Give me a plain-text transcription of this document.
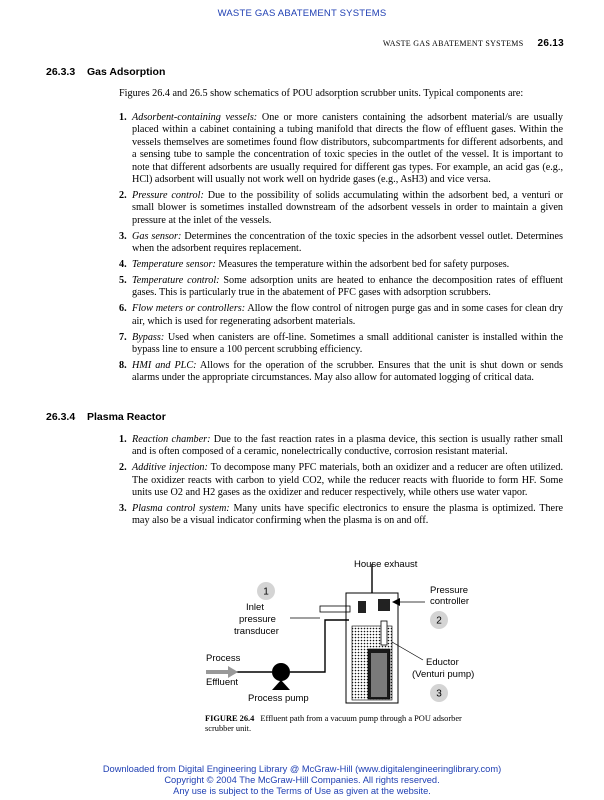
WASTE GAS ABATEMENT SYSTEMS
WASTE GAS ABATEMENT SYSTEMS 26.13
26.3.3 Gas Adsorption
Figures 26.4 and 26.5 show schematics of POU adsorption scrubber units. Typical components are:
1. Adsorbent-containing vessels: One or more canisters containing the adsorbent material/s are usually placed within a cabinet containing a tubing manifold that directs the flow of effluent gases. Within the vessels themselves are sometimes found flow distributors, subcompartments for different adsorbents, and a sensing tube to sample the concentration of toxic species in the outlet of the vessel. It is important to note that different adsorbents are usually required for different gas types. For example, an acid gas (e.g., HCl) adsorbent will usually not work well on hydride gases (e.g., AsH3) and vice versa.
2. Pressure control: Due to the possibility of solids accumulating within the adsorbent bed, a venturi or small blower is sometimes installed downstream of the adsorbent vessels in order to maintain a given pressure at the inlet of the vessels.
3. Gas sensor: Determines the concentration of the toxic species in the adsorbent vessel outlet. Determines when the adsorbent requires replacement.
4. Temperature sensor: Measures the temperature within the adsorbent bed for safety purposes.
5. Temperature control: Some adsorption units are heated to enhance the decomposition rates of effluent gases. This is particularly true in the abatement of PFC gases with adsorption scrubbers.
6. Flow meters or controllers: Allow the flow control of nitrogen purge gas and in some cases for clean dry air, which is used for regenerating adsorbent materials.
7. Bypass: Used when canisters are off-line. Sometimes a small additional canister is installed within the bypass line to ensure a 100 percent scrubbing efficiency.
8. HMI and PLC: Allows for the operation of the scrubber. Ensures that the unit is shut down or sends alarms under the appropriate circumstances. May also allow for automated logging of critical data.
26.3.4 Plasma Reactor
1. Reaction chamber: Due to the fast reaction rates in a plasma device, this section is usually rather small and is often composed of a ceramic, nonelectrically conductive, corrosion resistant material.
2. Additive injection: To decompose many PFC materials, both an oxidizer and a reducer are often utilized. The oxidizer reacts with carbon to yield CO2, while the reducer reacts with fluoride to form HF. Some units use O2 and H2 gases as the oxidizer and reducer respectively, while others use water vapor.
3. Plasma control system: Many units have specific electronics to ensure the plasma is optimized. There may also be a visual indicator confirming when the plasma is on and off.
1
2
3
House exhaust
Pressure
controller
Inlet
pressure
transducer
Process
Effluent
Eductor
(Venturi pump)
Process pump
FIGURE 26.4 Effluent path from a vacuum pump through a POU adsorber scrubber unit.
Downloaded from Digital Engineering Library @ McGraw-Hill (www.digitalengineeringlibrary.com)
Copyright © 2004 The McGraw-Hill Companies. All rights reserved.
Any use is subject to the Terms of Use as given at the website.
